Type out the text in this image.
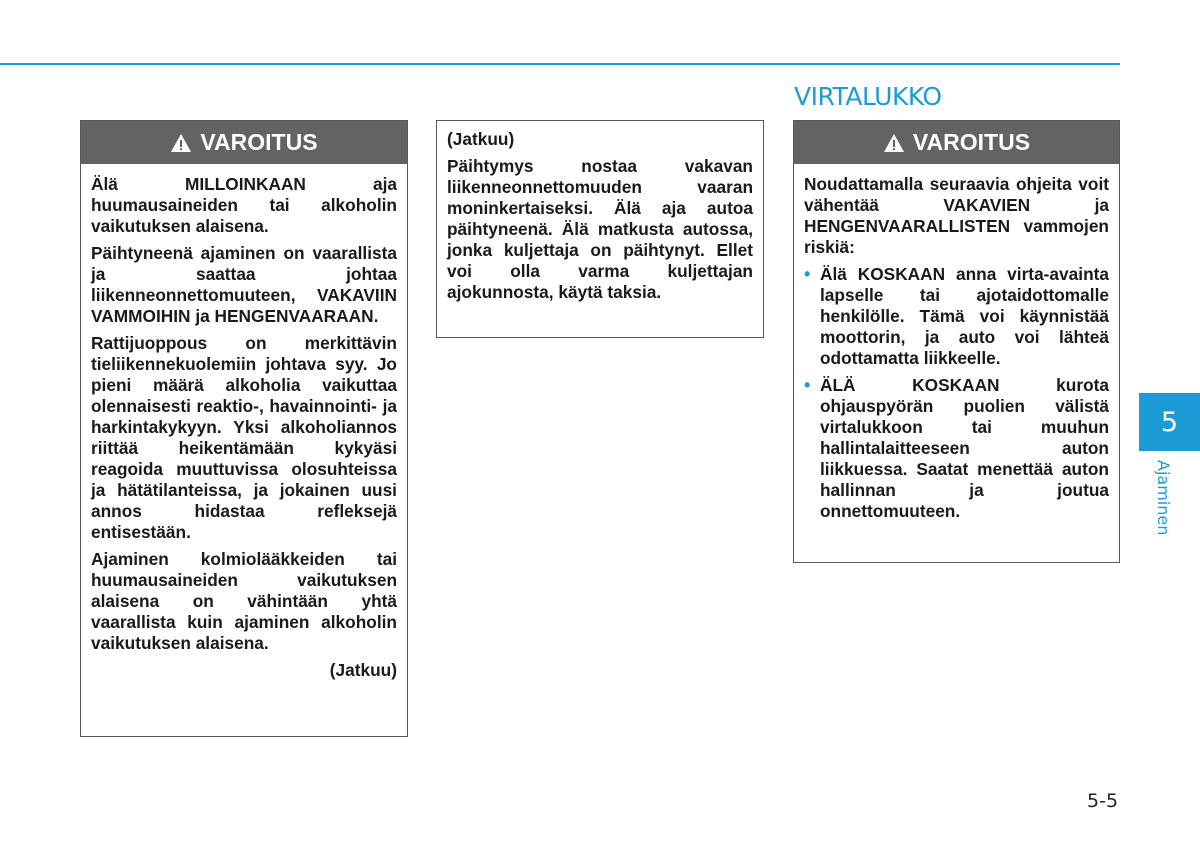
VIRTALUKKO
VAROITUS

Älä MILLOINKAAN aja huumausaineiden tai alkoholin vaikutuksen alaisena.

Päihtyneenä ajaminen on vaarallista ja saattaa johtaa liikenneonnettomuuteen, VAKAVIIN VAMMOIHIN ja HENGENVAARAAN.

Rattijuoppous on merkittävin tieliikennekuolemiin johtava syy. Jo pieni määrä alkoholia vaikuttaa olennaisesti reaktio-, havainnointi- ja harkintakykyyn. Yksi alkoholiannos riittää heikentämään kykyäsi reagoida muuttuvissa olosuhteissa ja hätätilanteissa, ja jokainen uusi annos hidastaa refleksejä entisestään.

Ajaminen kolmiolääkkeiden tai huumausaineiden vaikutuksen alaisena on vähintään yhtä vaarallista kuin ajaminen alkoholin vaikutuksen alaisena.

(Jatkuu)

(Jatkuu)

Päihtymys nostaa vakavan liikenneonnettomuuden vaaran moninkertaiseksi. Älä aja autoa päihtyneenä. Älä matkusta autossa, jonka kuljettaja on päihtynyt. Ellet voi olla varma kuljettajan ajokunnosta, käytä taksia.

VAROITUS

Noudattamalla seuraavia ohjeita voit vähentää VAKAVIEN ja HENGENVAARALLISTEN vammojen riskiä:

• Älä KOSKAAN anna virta-avainta lapselle tai ajotaidottomalle henkilölle. Tämä voi käynnistää moottorin, ja auto voi lähteä odottamatta liikkeelle.
• ÄLÄ KOSKAAN kurota ohjauspyörän puolien välistä virtalukkoon tai muuhun hallintalaitteeseen auton liikkuessa. Saatat menettää auton hallinnan ja joutua onnettomuuteen.
5
Ajaminen
5-5
